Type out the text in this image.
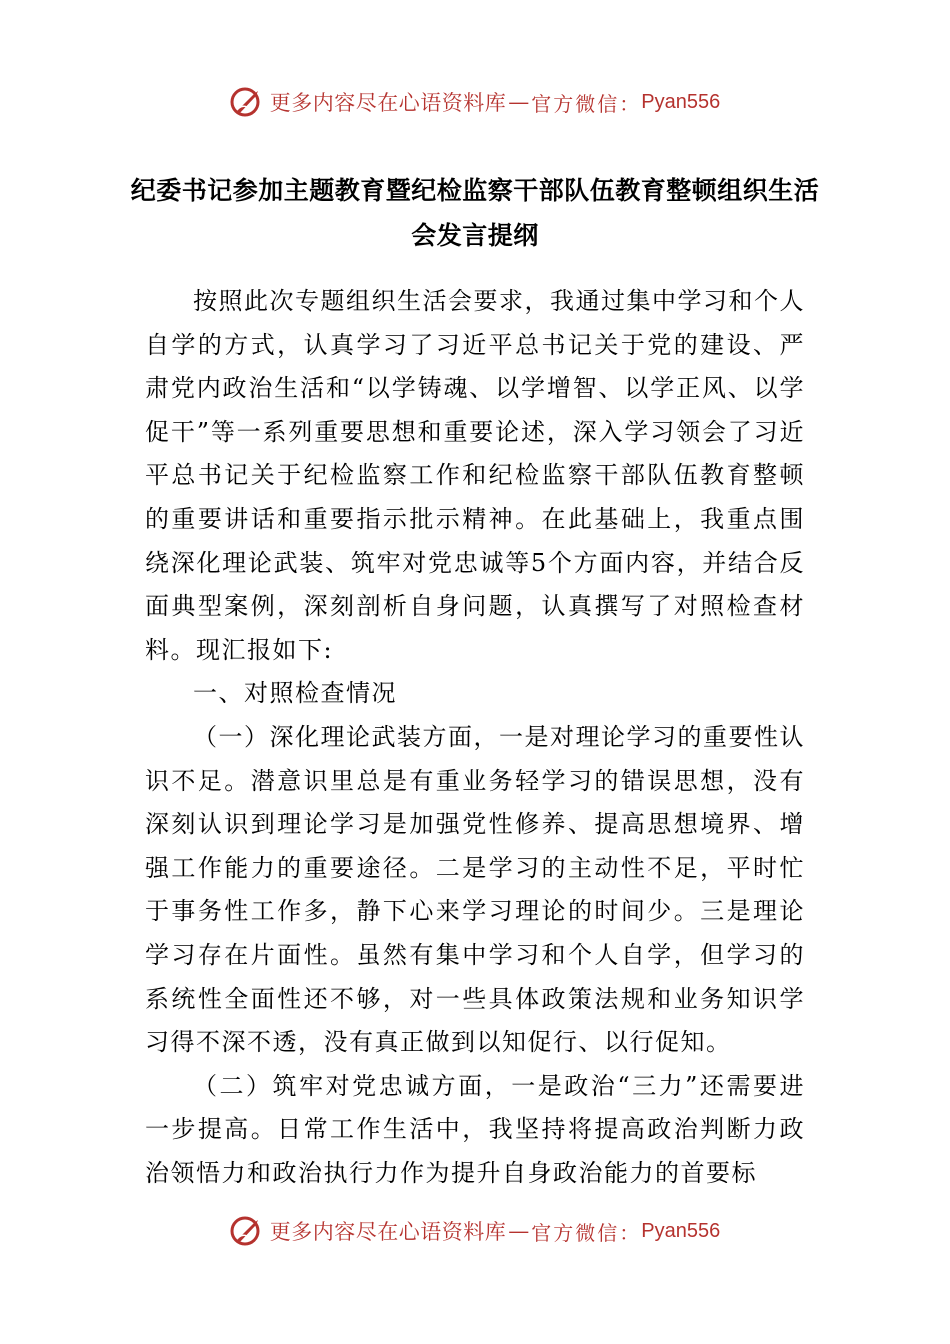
更多内容尽在心语资料库 — 官方微信： Pyan556
纪委书记参加主题教育暨纪检监察干部队伍教育整顿组织生活会发言提纲

按照此次专题组织生活会要求，我通过集中学习和个人自学的方式，认真学习了习近平总书记关于党的建设、严肃党内政治生活和“以学铸魂、以学增智、以学正风、以学促干”等一系列重要思想和重要论述，深入学习领会了习近平总书记关于纪检监察工作和纪检监察干部队伍教育整顿的重要讲话和重要指示批示精神。在此基础上，我重点围绕深化理论武装、筑牢对党忠诚等5个方面内容，并结合反面典型案例，深刻剖析自身问题，认真撰写了对照检查材料。现汇报如下:

一、对照检查情况

（一）深化理论武装方面，一是对理论学习的重要性认识不足。潜意识里总是有重业务轻学习的错误思想，没有深刻认识到理论学习是加强党性修养、提高思想境界、增强工作能力的重要途径。二是学习的主动性不足，平时忙于事务性工作多，静下心来学习理论的时间少。三是理论学习存在片面性。虽然有集中学习和个人自学，但学习的系统性全面性还不够，对一些具体政策法规和业务知识学习得不深不透，没有真正做到以知促行、以行促知。

（二）筑牢对党忠诚方面，一是政治“三力”还需要进一步提高。日常工作生活中，我坚持将提高政治判断力政治领悟力和政治执行力作为提升自身政治能力的首要标

更多内容尽在心语资料库 — 官方微信： Pyan556
